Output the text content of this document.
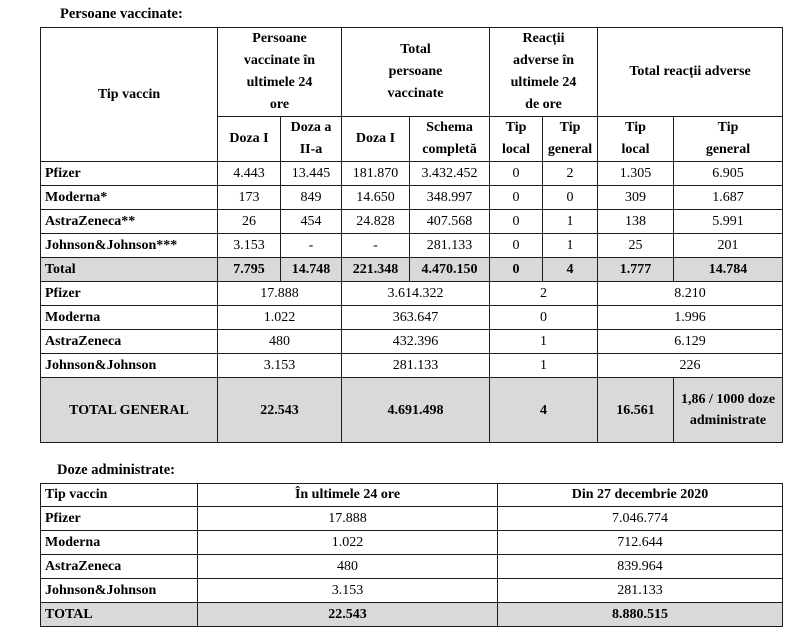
Persoane vaccinate:
Tip vaccin	Persoane vaccinate în ultimele 24 ore		Total persoane vaccinate		Reacții adverse în ultimele 24 de ore		Total reacții adverse	
	Doza I	Doza a II-a	Doza I	Schema completă	Tip local	Tip general	Tip local	Tip general
Pfizer	4.443	13.445	181.870	3.432.452	0	2	1.305	6.905
Moderna*	173	849	14.650	348.997	0	0	309	1.687
AstraZeneca**	26	454	24.828	407.568	0	1	138	5.991
Johnson&Johnson***	3.153	-	-	281.133	0	1	25	201
Total	7.795	14.748	221.348	4.470.150	0	4	1.777	14.784
Pfizer	17.888		3.614.322		2		8.210	
Moderna	1.022		363.647		0		1.996	
AstraZeneca	480		432.396		1		6.129	
Johnson&Johnson	3.153		281.133		1		226	
TOTAL GENERAL	22.543		4.691.498		4		16.561	1,86 / 1000 doze administrate
Doze administrate:
Tip vaccin	În ultimele 24 ore	Din 27 decembrie 2020
Pfizer	17.888	7.046.774
Moderna	1.022	712.644
AstraZeneca	480	839.964
Johnson&Johnson	3.153	281.133
TOTAL	22.543	8.880.515
